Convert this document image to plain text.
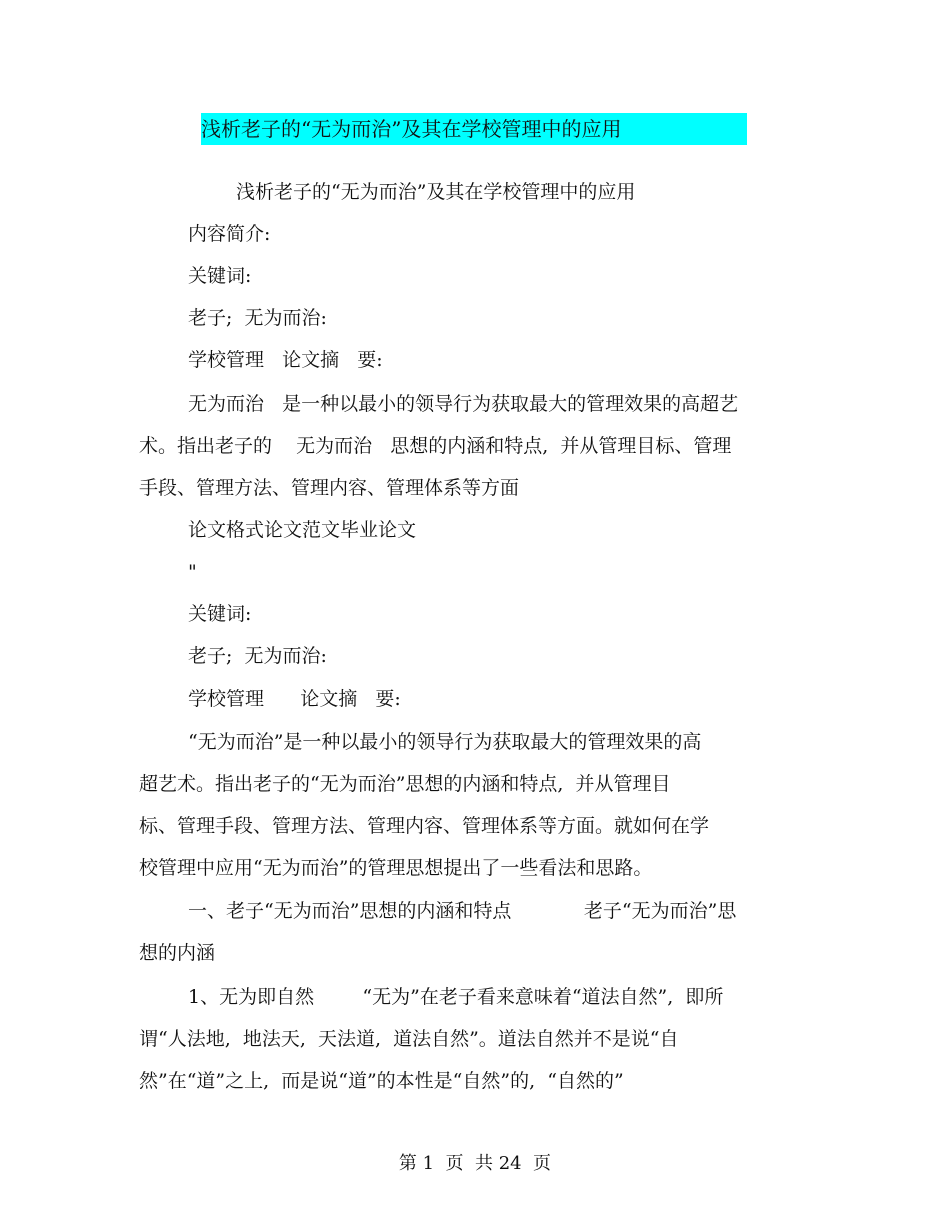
浅析老子的“无为而治”及其在学校管理中的应用
浅析老子的“无为而治”及其在学校管理中的应用
内容简介:
关键词:
老子;  无为而治:
学校管理   论文摘   要:
无为而治   是一种以最小的领导行为获取最大的管理效果的高超艺
术。指出老子的    无为而治   思想的内涵和特点,  并从管理目标、管理
手段、管理方法、管理内容、管理体系等方面
论文格式论文范文毕业论文
"
关键词:
老子;  无为而治:
学校管理      论文摘   要:
“无为而治”是一种以最小的领导行为获取最大的管理效果的高
超艺术。指出老子的“无为而治”思想的内涵和特点,  并从管理目
标、管理手段、管理方法、管理内容、管理体系等方面。就如何在学
校管理中应用“无为而治”的管理思想提出了一些看法和思路。
一、老子“无为而治”思想的内涵和特点            老子“无为而治”思
想的内涵
1、无为即自然        “无为”在老子看来意味着“道法自然”,  即所
谓“人法地,  地法天,  天法道,  道法自然”。道法自然并不是说“自
然”在“道”之上,  而是说“道”的本性是“自然”的,  “自然的”
第 1  页  共 24  页
